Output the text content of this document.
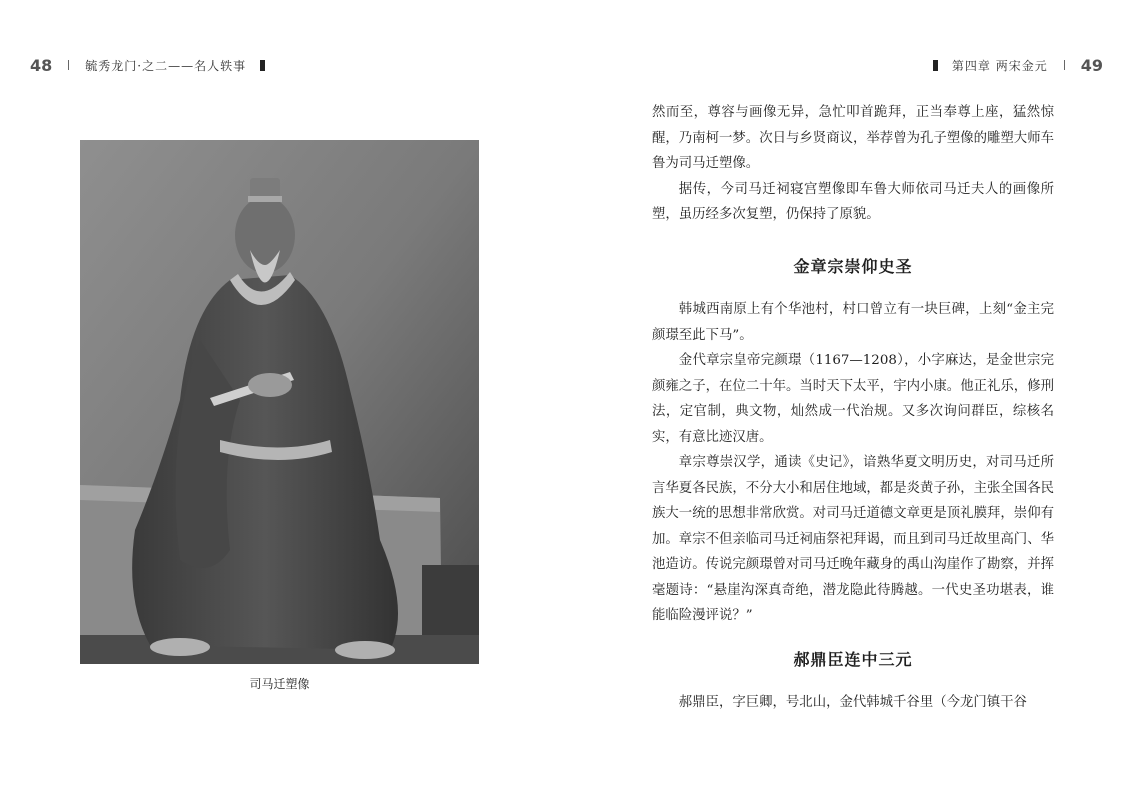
48	毓秀龙门·之二——名人轶事	第四章 两宋金元 49
司马迁塑像

然而至，尊容与画像无异，急忙叩首跪拜，正当奉尊上座，猛然惊醒，乃南柯一梦。次日与乡贤商议，举荐曾为孔子塑像的雕塑大师车鲁为司马迁塑像。

据传，今司马迁祠寝宫塑像即车鲁大师依司马迁夫人的画像所塑，虽历经多次复塑，仍保持了原貌。

金章宗崇仰史圣

韩城西南原上有个华池村，村口曾立有一块巨碑，上刻“金主完颜璟至此下马”。

金代章宗皇帝完颜璟（1167—1208），小字麻达，是金世宗完颜雍之子，在位二十年。当时天下太平，宇内小康。他正礼乐，修刑法，定官制，典文物，灿然成一代治规。又多次询问群臣，综核名实，有意比迹汉唐。

章宗尊崇汉学，通读《史记》，谙熟华夏文明历史，对司马迁所言华夏各民族，不分大小和居住地域，都是炎黄子孙，主张全国各民族大一统的思想非常欣赏。对司马迁道德文章更是顶礼膜拜，崇仰有加。章宗不但亲临司马迁祠庙祭祀拜谒，而且到司马迁故里高门、华池造访。传说完颜璟曾对司马迁晚年藏身的禹山沟崖作了勘察，并挥毫题诗：“悬崖沟深真奇绝，潜龙隐此待腾越。一代史圣功堪表，谁能临险漫评说？”

郝鼎臣连中三元

郝鼎臣，字巨卿，号北山，金代韩城千谷里（今龙门镇干谷
